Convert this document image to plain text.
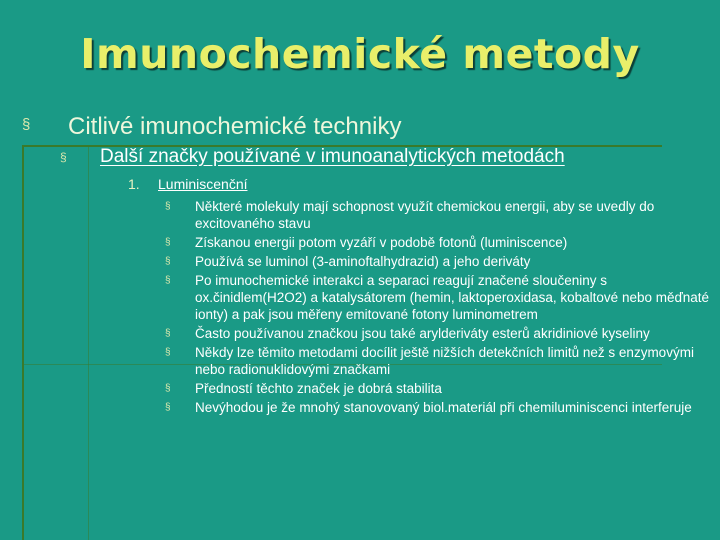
Imunochemické metody
§ Citlivé imunochemické techniky
§ Další značky používané v imunoanalytických metodách
1. Luminiscenční
§ Některé molekuly mají schopnost využít chemickou energii, aby se uvedly do excitovaného stavu
§ Získanou energii potom vyzáří v podobě fotonů (luminiscence)
§ Používá se luminol (3-aminoftalhydrazid) a jeho deriváty
§ Po imunochemické interakci a separaci reagují značené sloučeniny s ox.činidlem(H2O2) a katalysátorem (hemin, laktoperoxidasa, kobaltové nebo měďnaté ionty) a pak jsou měřeny emitované fotony luminometrem
§ Často používanou značkou jsou také arylderiváty esterů akridiniové kyseliny
§ Někdy lze těmito metodami docílit ještě nižších detekčních limitů než s enzymovými nebo radionuklidovými značkami
§ Předností těchto značek je dobrá stabilita
§ Nevýhodou je že mnohý stanovovaný biol.materiál při chemiluminiscenci interferuje
